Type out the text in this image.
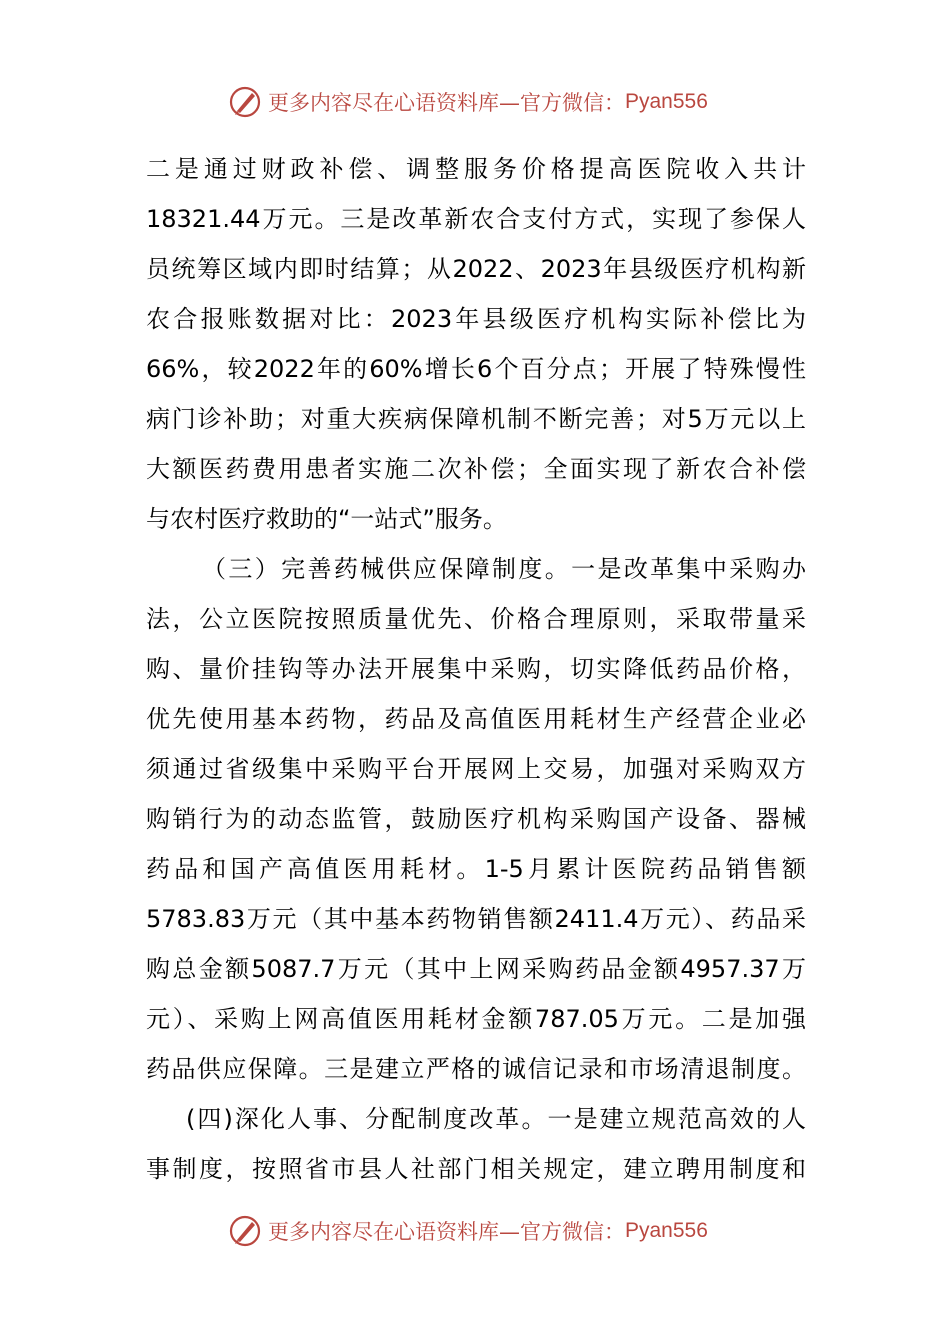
更多内容尽在心语资料库—官方微信： Pyan556
二是通过财政补偿、调整服务价格提高医院收入共计
18321.44万元。三是改革新农合支付方式，实现了参保人
员统筹区域内即时结算；从2022、2023年县级医疗机构新
农合报账数据对比：2023年县级医疗机构实际补偿比为
66%，较2022年的60%增长6个百分点；开展了特殊慢性
病门诊补助；对重大疾病保障机制不断完善；对5万元以上
大额医药费用患者实施二次补偿；全面实现了新农合补偿
与农村医疗救助的“一站式”服务。
（三）完善药械供应保障制度。一是改革集中采购办
法，公立医院按照质量优先、价格合理原则，采取带量采
购、量价挂钩等办法开展集中采购，切实降低药品价格，
优先使用基本药物，药品及高值医用耗材生产经营企业必
须通过省级集中采购平台开展网上交易，加强对采购双方
购销行为的动态监管，鼓励医疗机构采购国产设备、器械
药品和国产高值医用耗材。1-5月累计医院药品销售额
5783.83万元（其中基本药物销售额2411.4万元）、药品采
购总金额5087.7万元（其中上网采购药品金额4957.37万
元）、采购上网高值医用耗材金额787.05万元。二是加强
药品供应保障。三是建立严格的诚信记录和市场清退制度。
(四)深化人事、分配制度改革。一是建立规范高效的人
事制度，按照省市县人社部门相关规定，建立聘用制度和
更多内容尽在心语资料库—官方微信： Pyan556
